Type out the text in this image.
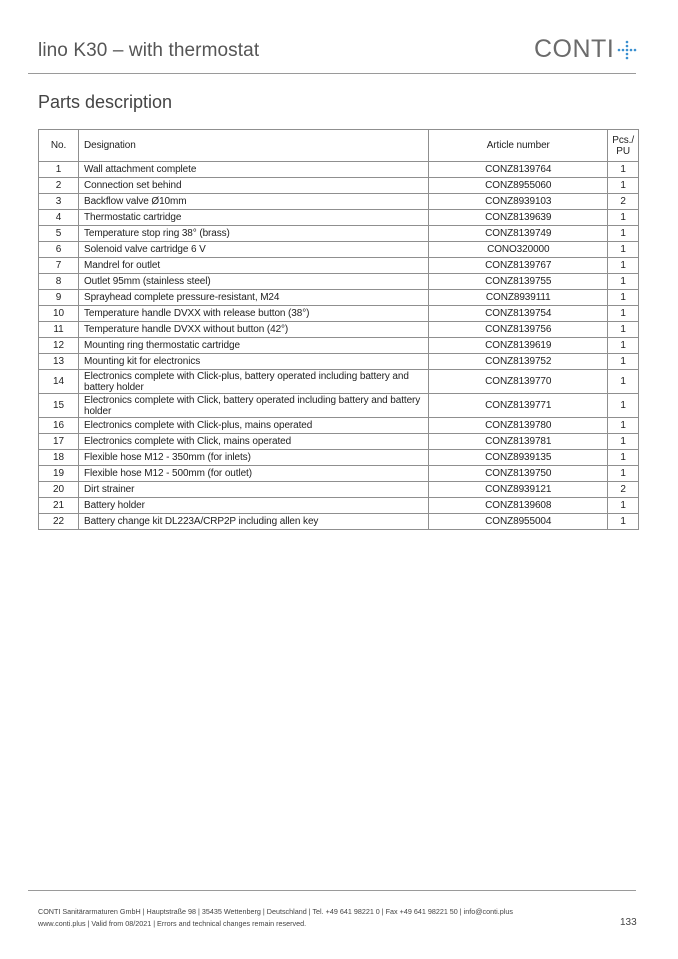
lino K30 – with thermostat	CONTI
Parts description
No.	Designation	Article number	Pcs./
PU
1	Wall attachment complete	CONZ8139764	1
2	Connection set behind	CONZ8955060	1
3	Backflow valve Ø10mm	CONZ8939103	2
4	Thermostatic cartridge	CONZ8139639	1
5	Temperature stop ring 38° (brass)	CONZ8139749	1
6	Solenoid valve cartridge 6 V	CONO320000	1
7	Mandrel for outlet	CONZ8139767	1
8	Outlet 95mm (stainless steel)	CONZ8139755	1
9	Sprayhead complete pressure-resistant, M24	CONZ8939111	1
10	Temperature handle DVXX with release button (38°)	CONZ8139754	1
11	Temperature handle DVXX without button (42°)	CONZ8139756	1
12	Mounting ring thermostatic cartridge	CONZ8139619	1
13	Mounting kit for electronics	CONZ8139752	1
14	Electronics complete with Click-plus, battery operated including battery and battery holder	CONZ8139770	1
15	Electronics complete with Click, battery operated including battery and battery holder	CONZ8139771	1
16	Electronics complete with Click-plus, mains operated	CONZ8139780	1
17	Electronics complete with Click, mains operated	CONZ8139781	1
18	Flexible hose M12 - 350mm (for inlets)	CONZ8939135	1
19	Flexible hose M12 - 500mm (for outlet)	CONZ8139750	1
20	Dirt strainer	CONZ8939121	2
21	Battery holder	CONZ8139608	1
22	Battery change kit DL223A/CRP2P including allen key	CONZ8955004	1
CONTI Sanitärarmaturen GmbH | Hauptstraße 98 | 35435 Wettenberg | Deutschland | Tel. +49 641 98221 0 | Fax +49 641 98221 50 | info@conti.plus
www.conti.plus | Valid from 08/2021 | Errors and technical changes remain reserved.	133
